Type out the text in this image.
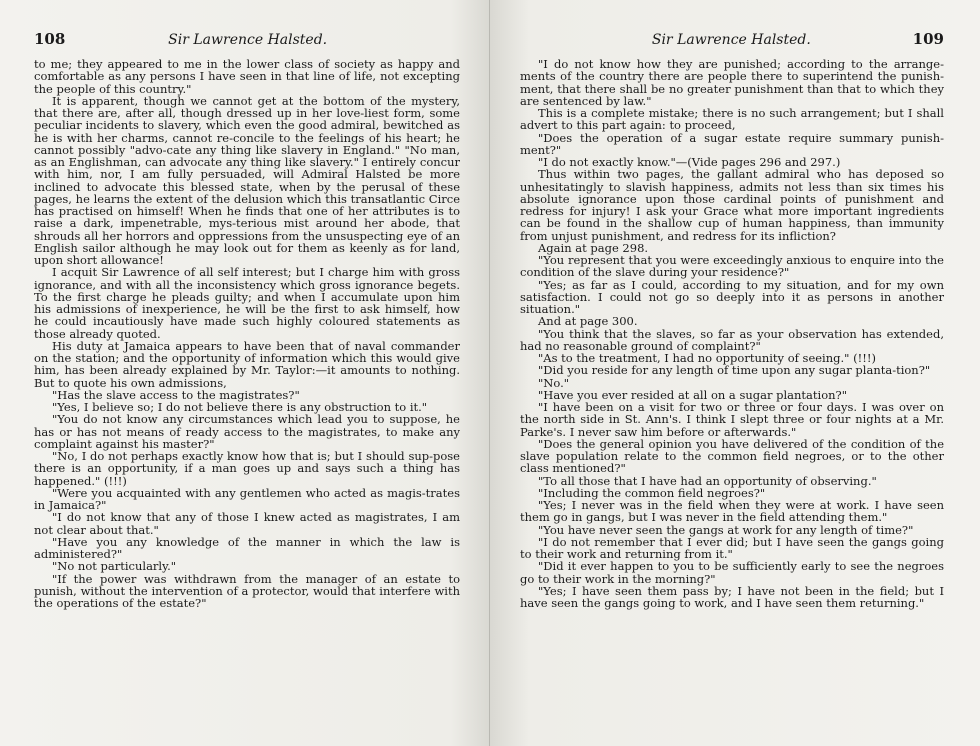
108	Sir Lawrence Halsted.

to me; they appeared to me in the lower class of society as happy and comfortable as any persons I have seen in that line of life, not excepting the people of this country."

It is apparent, though we cannot get at the bottom of the mystery, that there are, after all, though dressed up in her love-liest form, some peculiar incidents to slavery, which even the good admiral, bewitched as he is with her charms, cannot re-concile to the feelings of his heart; he cannot possibly "advo-cate any thing like slavery in England." "No man, as an Englishman, can advocate any thing like slavery." I entirely concur with him, nor, I am fully persuaded, will Admiral Halsted be more inclined to advocate this blessed state, when by the perusal of these pages, he learns the extent of the delusion which this transatlantic Circe has practised on himself! When he finds that one of her attributes is to raise a dark, impenetrable, mys-terious mist around her abode, that shrouds all her horrors and oppressions from the unsuspecting eye of an English sailor although he may look out for them as keenly as for land, upon short allowance!

I acquit Sir Lawrence of all self interest; but I charge him with gross ignorance, and with all the inconsistency which gross ignorance begets. To the first charge he pleads guilty; and when I accumulate upon him his admissions of inexperience, he will be the first to ask himself, how he could incautiously have made such highly coloured statements as those already quoted.

His duty at Jamaica appears to have been that of naval commander on the station; and the opportunity of information which this would give him, has been already explained by Mr. Taylor:—it amounts to nothing. But to quote his own admissions,

"Has the slave access to the magistrates?"

"Yes, I believe so; I do not believe there is any obstruction to it."

"You do not know any circumstances which lead you to suppose, he has or has not means of ready access to the magistrates, to make any complaint against his master?"

"No, I do not perhaps exactly know how that is; but I should sup-pose there is an opportunity, if a man goes up and says such a thing has happened." (!!!)

"Were you acquainted with any gentlemen who acted as magis-trates in Jamaica?"

"I do not know that any of those I knew acted as magistrates, I am not clear about that."

"Have you any knowledge of the manner in which the law is administered?"

"No not particularly."

"If the power was withdrawn from the manager of an estate to punish, without the intervention of a protector, would that interfere with the operations of the estate?"

Sir Lawrence Halsted.	109

"I do not know how they are punished; according to the arrange-ments of the country there are people there to superintend the punish-ment, that there shall be no greater punishment than that to which they are sentenced by law."

This is a complete mistake; there is no such arrangement; but I shall advert to this part again: to proceed,

"Does the operation of a sugar estate require summary punish-ment?"

"I do not exactly know."—(Vide pages 296 and 297.)

Thus within two pages, the gallant admiral who has deposed so unhesitatingly to slavish happiness, admits not less than six times his absolute ignorance upon those cardinal points of punishment and redress for injury! I ask your Grace what more important ingredients can be found in the shallow cup of human happiness, than immunity from unjust punishment, and redress for its infliction?

Again at page 298.

"You represent that you were exceedingly anxious to enquire into the condition of the slave during your residence?"

"Yes; as far as I could, according to my situation, and for my own satisfaction. I could not go so deeply into it as persons in another situation."

And at page 300.

"You think that the slaves, so far as your observation has extended, had no reasonable ground of complaint?"

"As to the treatment, I had no opportunity of seeing." (!!!)

"Did you reside for any length of time upon any sugar planta-tion?"

"No."

"Have you ever resided at all on a sugar plantation?"

"I have been on a visit for two or three or four days. I was over on the north side in St. Ann's. I think I slept three or four nights at a Mr. Parke's. I never saw him before or afterwards."

"Does the general opinion you have delivered of the condition of the slave population relate to the common field negroes, or to the other class mentioned?"

"To all those that I have had an opportunity of observing."

"Including the common field negroes?"

"Yes; I never was in the field when they were at work. I have seen them go in gangs, but I was never in the field attending them."

"You have never seen the gangs at work for any length of time?"

"I do not remember that I ever did; but I have seen the gangs going to their work and returning from it."

"Did it ever happen to you to be sufficiently early to see the negroes go to their work in the morning?"

"Yes; I have seen them pass by; I have not been in the field; but I have seen the gangs going to work, and I have seen them returning."
